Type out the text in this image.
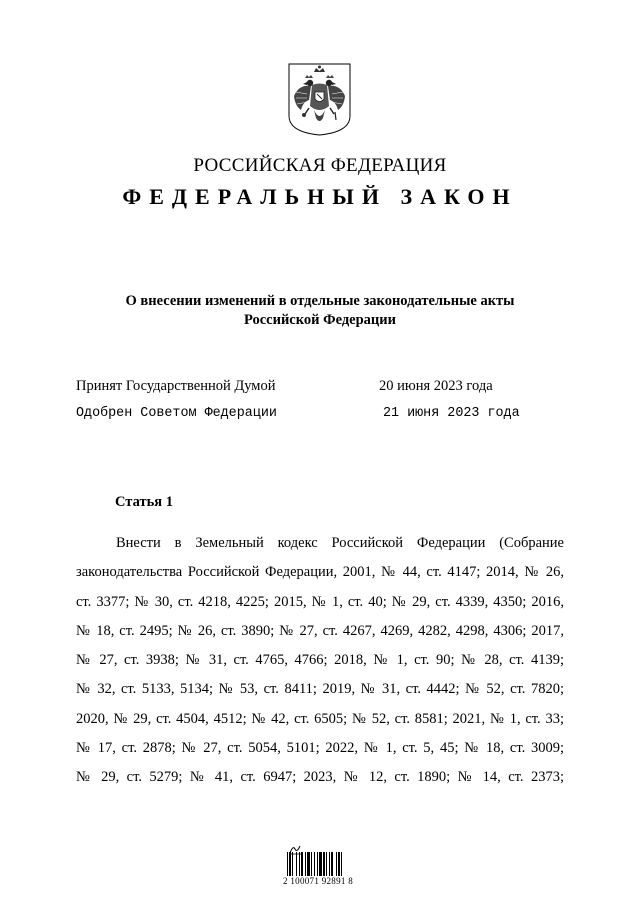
РОССИЙСКАЯ ФЕДЕРАЦИЯ
ФЕДЕРАЛЬНЫЙ ЗАКОН
О внесении изменений в отдельные законодательные акты
Российской Федерации
Принят Государственной Думой	20 июня 2023 года
Одобрен Советом Федерации	21 июня 2023 года
Статья 1
Внести в Земельный кодекс Российской Федерации (Собрание
законодательства Российской Федерации, 2001, № 44, ст. 4147; 2014, № 26,
ст. 3377; № 30, ст. 4218, 4225; 2015, № 1, ст. 40; № 29, ст. 4339, 4350; 2016,
№ 18, ст. 2495; № 26, ст. 3890; № 27, ст. 4267, 4269, 4282, 4298, 4306; 2017,
№ 27, ст. 3938; № 31, ст. 4765, 4766; 2018, № 1, ст. 90; № 28, ст. 4139;
№ 32, ст. 5133, 5134; № 53, ст. 8411; 2019, № 31, ст. 4442; № 52, ст. 7820;
2020, № 29, ст. 4504, 4512; № 42, ст. 6505; № 52, ст. 8581; 2021, № 1, ст. 33;
№ 17, ст. 2878; № 27, ст. 5054, 5101; 2022, № 1, ст. 5, 45; № 18, ст. 3009;
№ 29, ст. 5279; № 41, ст. 6947; 2023, № 12, ст. 1890; № 14, ст. 2373;
2 100071 92891 8
